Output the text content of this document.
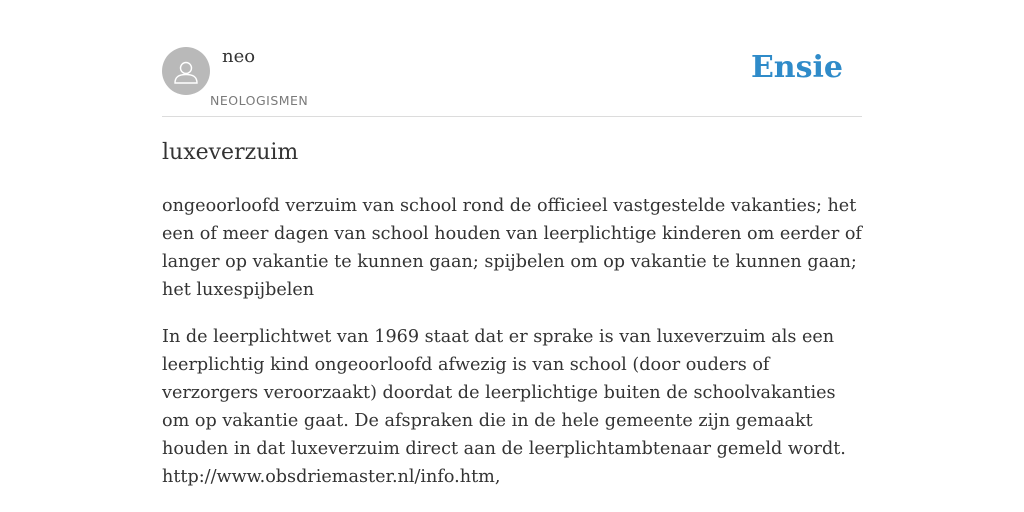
neo
NEOLOGISMEN
Ensie
luxeverzuim

ongeoorloofd verzuim van school rond de officieel vastgestelde vakanties; het een of meer dagen van school houden van leerplichtige kinderen om eerder of langer op vakantie te kunnen gaan; spijbelen om op vakantie te kunnen gaan; het luxespijbelen

In de leerplichtwet van 1969 staat dat er sprake is van luxeverzuim als een leerplichtig kind ongeoorloofd afwezig is van school (door ouders of verzorgers veroorzaakt) doordat de leerplichtige buiten de schoolvakanties om op vakantie gaat. De afspraken die in de hele gemeente zijn gemaakt houden in dat luxeverzuim direct aan de leerplichtambtenaar gemeld wordt. http://www.obsdriemaster.nl/info.htm,
